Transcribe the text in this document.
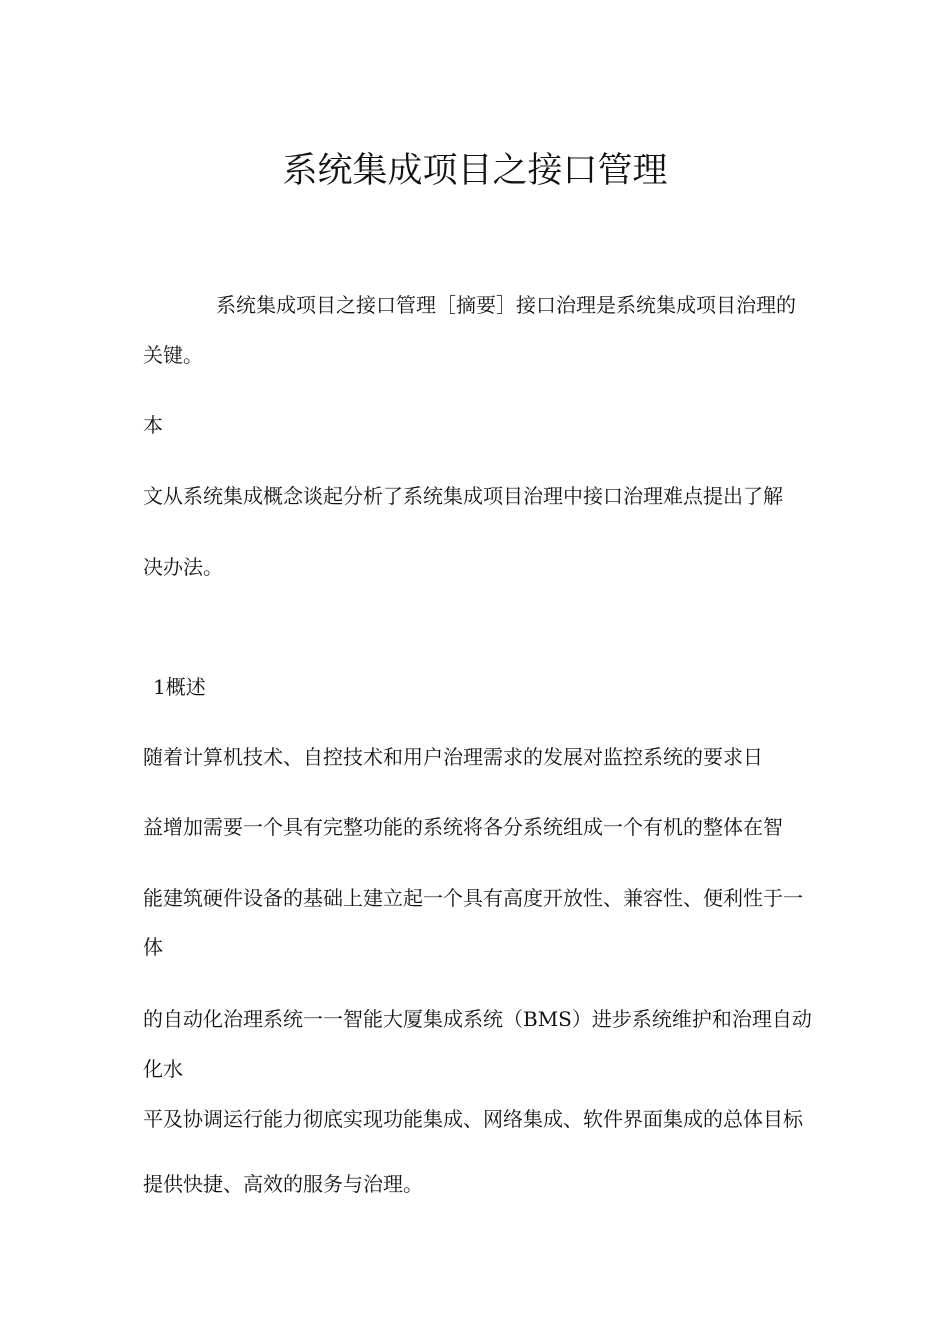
系统集成项目之接口管理

系统集成项目之接口管理［摘要］接口治理是系统集成项目治理的

关键。

本

文从系统集成概念谈起分析了系统集成项目治理中接口治理难点提出了解

决办法。

1概述

随着计算机技术、自控技术和用户治理需求的发展对监控系统的要求日

益增加需要一个具有完整功能的系统将各分系统组成一个有机的整体在智

能建筑硬件设备的基础上建立起一个具有高度开放性、兼容性、便利性于一

体

的自动化治理系统一一智能大厦集成系统（BMS）进步系统维护和治理自动

化水

平及协调运行能力彻底实现功能集成、网络集成、软件界面集成的总体目标

提供快捷、高效的服务与治理。
